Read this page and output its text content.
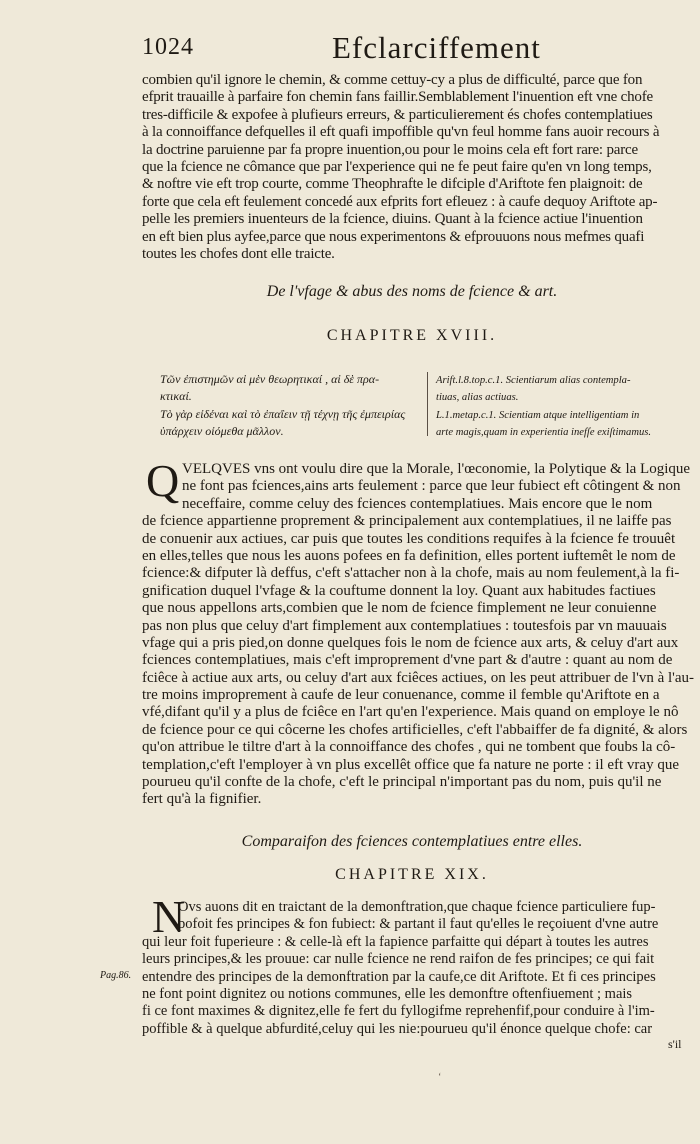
1024	Efclarciffement
combien qu'il ignore le chemin, & comme cettuy-cy a plus de difficulté, parce que fon
efprit trauaille à parfaire fon chemin fans faillir.Semblablement l'inuention eft vne chofe
tres-difficile & expofee à plufieurs erreurs, & particulierement és chofes contemplatiues
à la connoiffance defquelles il eft quafi impoffible qu'vn feul homme fans auoir recours à
la doctrine paruienne par fa propre inuention,ou pour le moins cela eft fort rare: parce
que la fcience ne cômance que par l'experience qui ne fe peut faire qu'en vn long temps,
& noftre vie eft trop courte, comme Theophrafte le difciple d'Ariftote fen plaignoit: de
forte que cela eft feulement concedé aux efprits fort efleuez : à caufe dequoy Ariftote ap-
pelle les premiers inuenteurs de la fcience, diuins. Quant à la fcience actiue l'inuention
en eft bien plus ayfee,parce que nous experimentons & efprouuons nous mefmes quafi
toutes les chofes dont elle traicte.
De l'vfage & abus des noms de fcience & art.
CHAPITRE XVIII.
Τῶν ἐπιστημῶν αἱ μὲν θεωρητικαί , αἱ δὲ πρα-
κτικαί.
Τὸ γὰρ εἰδέναι καὶ τὸ ἐπαΐειν τῇ τέχνῃ τῆς ἐμπειρίας
ὑπάρχειν οἰόμεθα μᾶλλον.
Arift.l.8.top.c.1. Scientiarum alias contempla-
tiuas, alias actiuas.
L.1.metap.c.1. Scientiam atque intelligentiam in
arte magis,quam in experientia inefſe exiſtimamus.
Q VELQVES vns ont voulu dire que la Morale, l'œconomie, la Polytique & la Logique
ne font pas fciences,ains arts feulement : parce que leur fubiect eft côtingent & non
neceffaire, comme celuy des fciences contemplatiues. Mais encore que le nom
de fcience appartienne proprement & principalement aux contemplatiues, il ne laiffe pas
de conuenir aux actiues, car puis que toutes les conditions requifes à la fcience fe trouuêt
en elles,telles que nous les auons pofees en fa definition, elles portent iuftemêt le nom de
fcience:& difputer là deffus, c'eft s'attacher non à la chofe, mais au nom feulement,à la fi-
gnification duquel l'vfage & la couftume donnent la loy. Quant aux habitudes factiues
que nous appellons arts,combien que le nom de fcience fimplement ne leur conuienne
pas non plus que celuy d'art fimplement aux contemplatiues : toutesfois par vn mauuais
vfage qui a pris pied,on donne quelques fois le nom de fcience aux arts, & celuy d'art aux
fciences contemplatiues, mais c'eft improprement d'vne part & d'autre : quant au nom de
fciêce à actiue aux arts, ou celuy d'art aux fciêces actiues, on les peut attribuer de l'vn à l'au-
tre moins improprement à caufe de leur conuenance, comme il femble qu'Ariftote en a
vfé,difant qu'il y a plus de fciêce en l'art qu'en l'experience. Mais quand on employe le nô
de fcience pour ce qui côcerne les chofes artificielles, c'eft l'abbaiffer de fa dignité, & alors
qu'on attribue le tiltre d'art à la connoiffance des chofes , qui ne tombent que foubs la cô-
templation,c'eft l'employer à vn plus excellêt office que fa nature ne porte : il eft vray que
pourueu qu'il confte de la chofe, c'eft le principal n'important pas du nom, puis qu'il ne
fert qu'à la fignifier.
Comparaifon des fciences contemplatiues entre elles.
CHAPITRE XIX.
N
Ovs auons dit en traictant de la demonftration,que chaque fcience particuliere fup-
pofoit fes principes & fon fubiect: & partant il faut qu'elles le reçoiuent d'vne autre
qui leur foit fuperieure : & celle-là eft la fapience parfaitte qui départ à toutes les autres
leurs principes,& les prouue: car nulle fcience ne rend raifon de fes principes; ce qui fait
entendre des principes de la demonftration par la caufe,ce dit Ariftote. Et fi ces principes
ne font point dignitez ou notions communes, elle les demonftre oftenfiuement ; mais
fi ce font maximes & dignitez,elle fe fert du fyllogifme reprehenfif,pour conduire à l'im-
poffible & à quelque abfurdité,celuy qui les nie:pourueu qu'il énonce quelque chofe: car
Pag.86.
s'il
ʻ
